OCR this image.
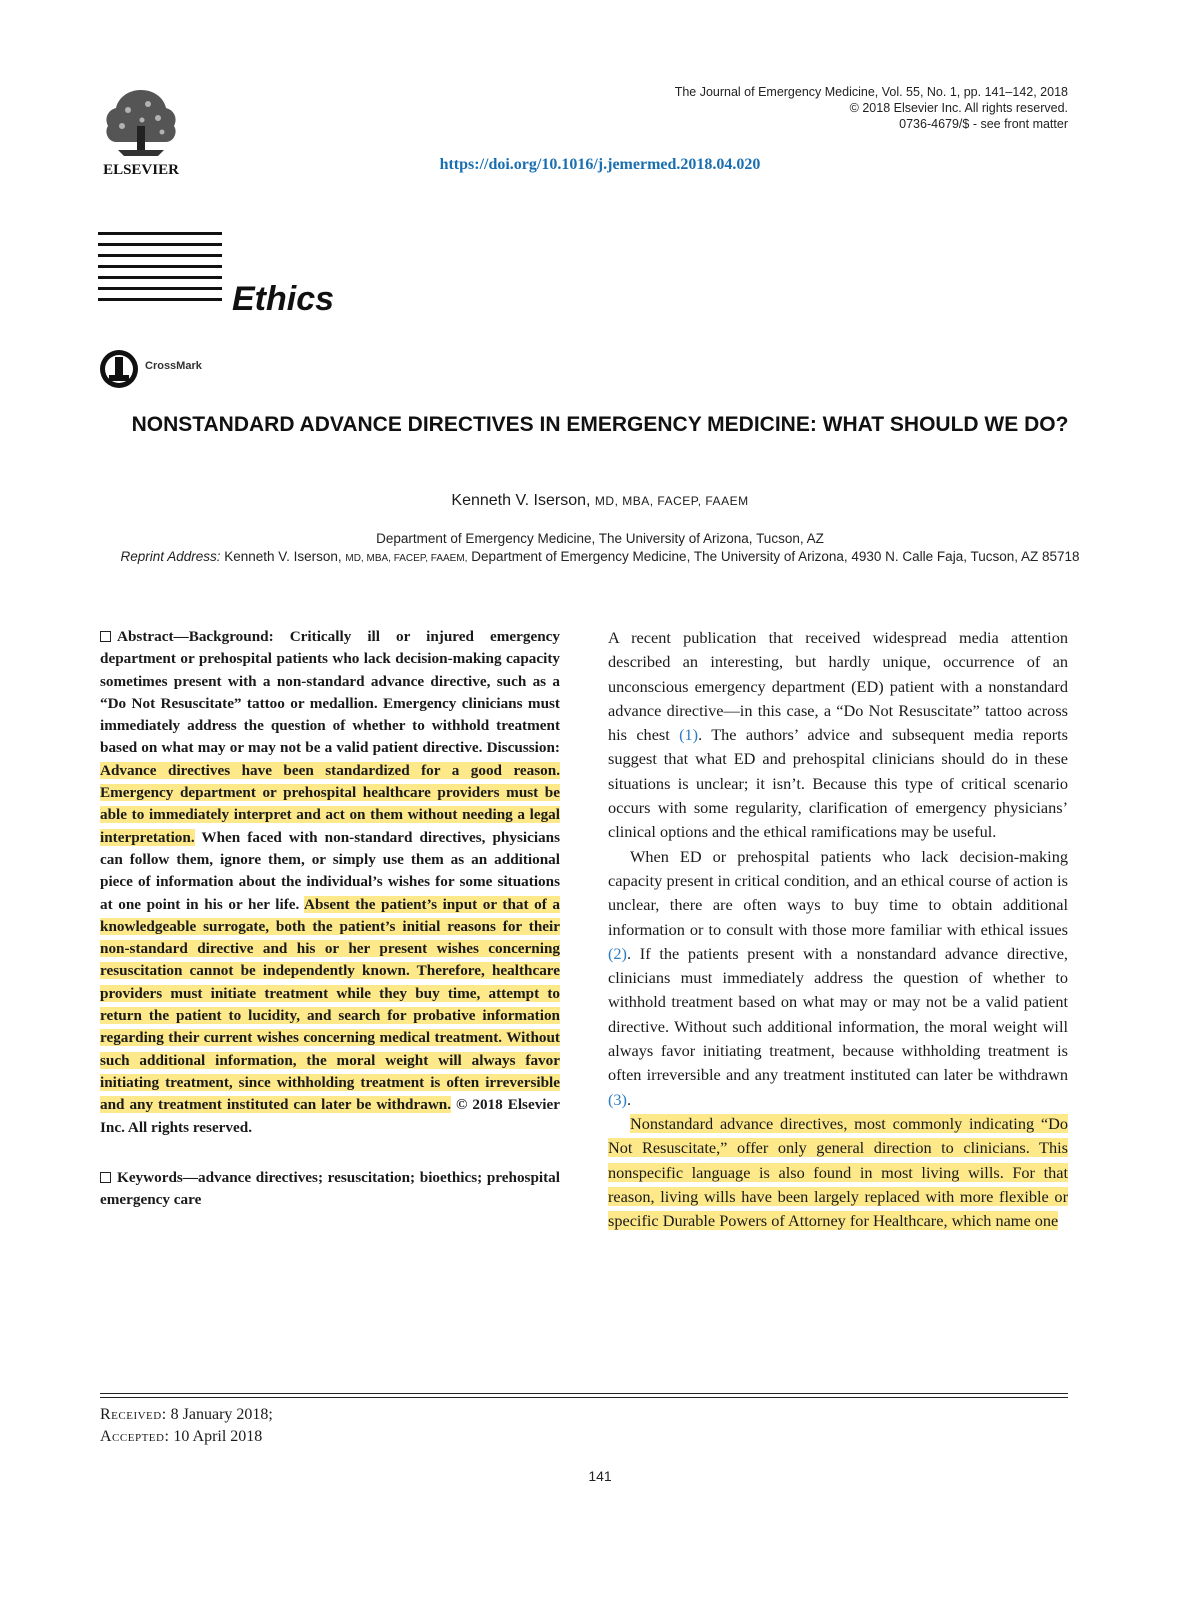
ELSEVIER
The Journal of Emergency Medicine, Vol. 55, No. 1, pp. 141–142, 2018
© 2018 Elsevier Inc. All rights reserved.
0736-4679/$ - see front matter
https://doi.org/10.1016/j.jemermed.2018.04.020
Ethics
CrossMark
NONSTANDARD ADVANCE DIRECTIVES IN EMERGENCY MEDICINE: WHAT SHOULD WE DO?
Kenneth V. Iserson, MD, MBA, FACEP, FAAEM
Department of Emergency Medicine, The University of Arizona, Tucson, AZ
Reprint Address: Kenneth V. Iserson, MD, MBA, FACEP, FAAEM, Department of Emergency Medicine, The University of Arizona, 4930 N. Calle Faja, Tucson, AZ 85718

Abstract—Background: Critically ill or injured emergency department or prehospital patients who lack decision-making capacity sometimes present with a non-standard advance directive, such as a “Do Not Resuscitate” tattoo or medallion. Emergency clinicians must immediately address the question of whether to withhold treatment based on what may or may not be a valid patient directive. Discussion: Advance directives have been standardized for a good reason. Emergency department or prehospital healthcare providers must be able to immediately interpret and act on them without needing a legal interpretation. When faced with non-standard directives, physicians can follow them, ignore them, or simply use them as an additional piece of information about the individual’s wishes for some situations at one point in his or her life. Absent the patient’s input or that of a knowledgeable surrogate, both the patient’s initial reasons for their non-standard directive and his or her present wishes concerning resuscitation cannot be independently known. Therefore, healthcare providers must initiate treatment while they buy time, attempt to return the patient to lucidity, and search for probative information regarding their current wishes concerning medical treatment. Without such additional information, the moral weight will always favor initiating treatment, since withholding treatment is often irreversible and any treatment instituted can later be withdrawn. © 2018 Elsevier Inc. All rights reserved.

Keywords—advance directives; resuscitation; bioethics; prehospital emergency care

A recent publication that received widespread media attention described an interesting, but hardly unique, occurrence of an unconscious emergency department (ED) patient with a nonstandard advance directive—in this case, a “Do Not Resuscitate” tattoo across his chest (1). The authors’ advice and subsequent media reports suggest that what ED and prehospital clinicians should do in these situations is unclear; it isn’t. Because this type of critical scenario occurs with some regularity, clarification of emergency physicians’ clinical options and the ethical ramifications may be useful.

When ED or prehospital patients who lack decision-making capacity present in critical condition, and an ethical course of action is unclear, there are often ways to buy time to obtain additional information or to consult with those more familiar with ethical issues (2). If the patients present with a nonstandard advance directive, clinicians must immediately address the question of whether to withhold treatment based on what may or may not be a valid patient directive. Without such additional information, the moral weight will always favor initiating treatment, because withholding treatment is often irreversible and any treatment instituted can later be withdrawn (3).

Nonstandard advance directives, most commonly indicating “Do Not Resuscitate,” offer only general direction to clinicians. This nonspecific language is also found in most living wills. For that reason, living wills have been largely replaced with more flexible or specific Durable Powers of Attorney for Healthcare, which name one

Received: 8 January 2018;
Accepted: 10 April 2018
141
